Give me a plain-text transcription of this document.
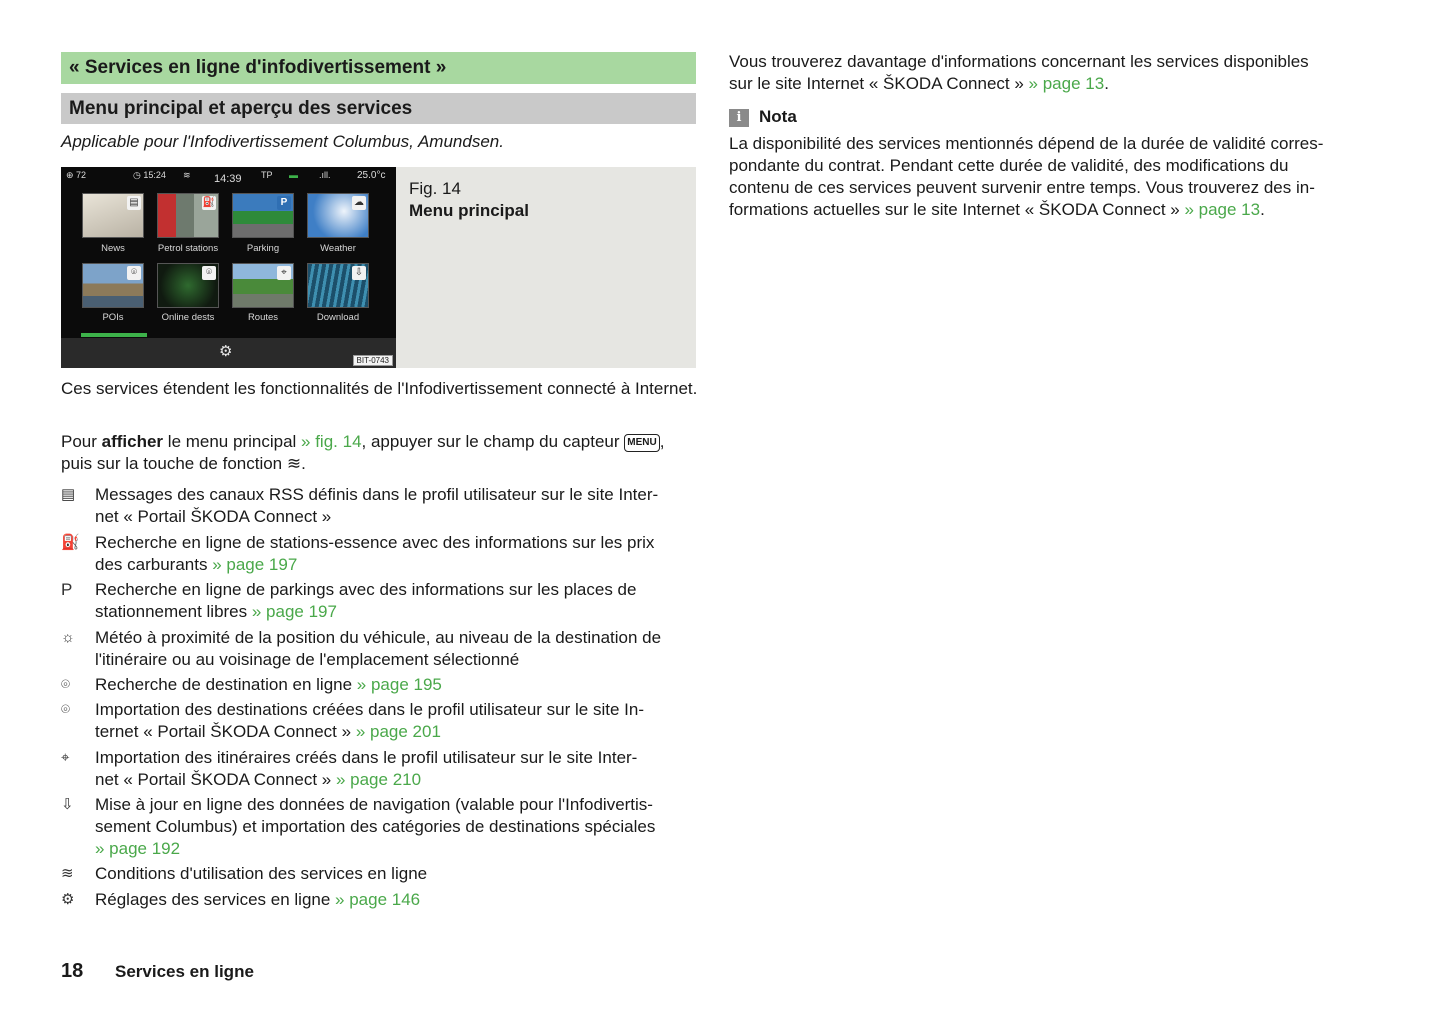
« Services en ligne d'infodivertissement »
Menu principal et aperçu des services
Applicable pour l'Infodivertissement Columbus, Amundsen.
⊕ 72	◷ 15:24 ≋ 14:39 TP ▬ .ıll.	25.0°c
▤	⛽	P	☁
News	Petrol stations	Parking	Weather
⌾	⌾	⌖	⇩
POIs	Online dests	Routes	Download
⚙
BIT-0743
Fig. 14
Menu principal
Ces services étendent les fonctionnalités de l'Infodivertissement connecté à Internet.
Pour afficher le menu principal » fig. 14, appuyer sur le champ du capteur MENU ,
puis sur la touche de fonction ≋.
▤	Messages des canaux RSS définis dans le profil utilisateur sur le site Inter-
net « Portail ŠKODA Connect »
⛽ Recherche en ligne de stations-essence avec des informations sur les prix
des carburants » page 197
P	Recherche en ligne de parkings avec des informations sur les places de
stationnement libres » page 197
☼	Météo à proximité de la position du véhicule, au niveau de la destination de
l'itinéraire ou au voisinage de l'emplacement sélectionné
⌾	Recherche de destination en ligne » page 195
⌾	Importation des destinations créées dans le profil utilisateur sur le site In-
ternet « Portail ŠKODA Connect » » page 201
⌖	Importation des itinéraires créés dans le profil utilisateur sur le site Inter-
net « Portail ŠKODA Connect » » page 210
⇩	Mise à jour en ligne des données de navigation (valable pour l'Infodivertis-
sement Columbus) et importation des catégories de destinations spéciales
» page 192
≋	Conditions d'utilisation des services en ligne
⚙	Réglages des services en ligne » page 146
Vous trouverez davantage d'informations concernant les services disponibles
sur le site Internet « ŠKODA Connect » » page 13.
i	Nota
La disponibilité des services mentionnés dépend de la durée de validité corres-
pondante du contrat. Pendant cette durée de validité, des modifications du
contenu de ces services peuvent survenir entre temps. Vous trouverez des in-
formations actuelles sur le site Internet « ŠKODA Connect » » page 13.
18 Services en ligne
